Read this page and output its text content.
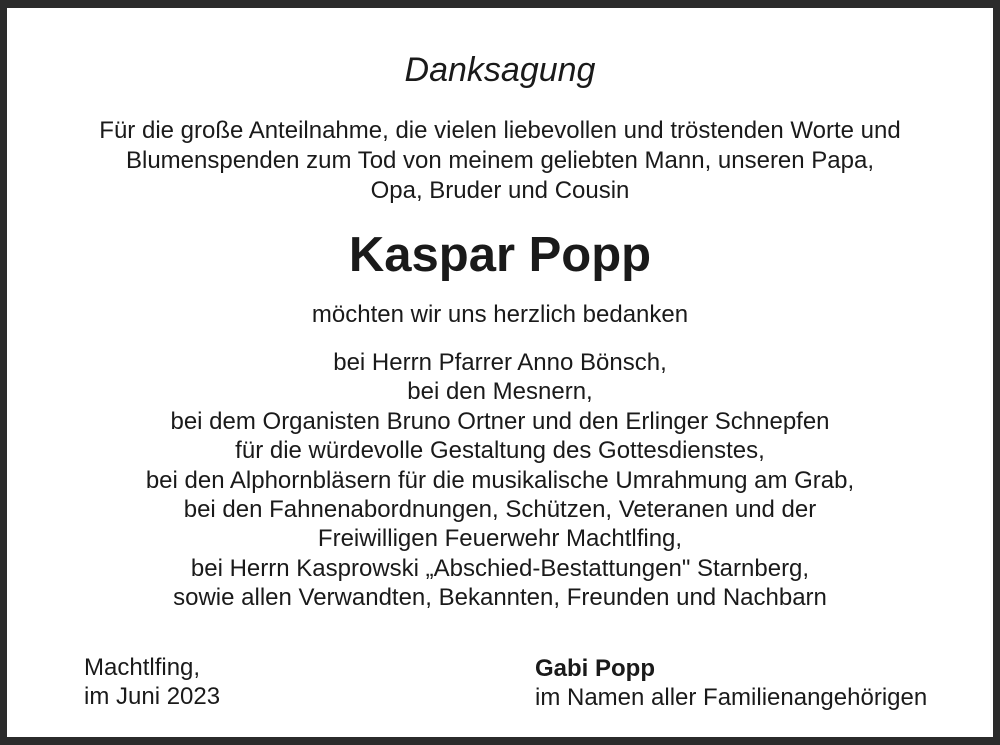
Danksagung
Für die große Anteilnahme, die vielen liebevollen und tröstenden Worte und
Blumenspenden zum Tod von meinem geliebten Mann, unseren Papa,
Opa, Bruder und Cousin
Kaspar Popp
möchten wir uns herzlich bedanken
bei Herrn Pfarrer Anno Bönsch,
bei den Mesnern,
bei dem Organisten Bruno Ortner und den Erlinger Schnepfen
für die würdevolle Gestaltung des Gottesdienstes,
bei den Alphornbläsern für die musikalische Umrahmung am Grab,
bei den Fahnenabordnungen, Schützen, Veteranen und der
Freiwilligen Feuerwehr Machtlfing,
bei Herrn Kasprowski „Abschied-Bestattungen" Starnberg,
sowie allen Verwandten, Bekannten, Freunden und Nachbarn
Machtlfing,
im Juni 2023
Gabi Popp
im Namen aller Familienangehörigen
